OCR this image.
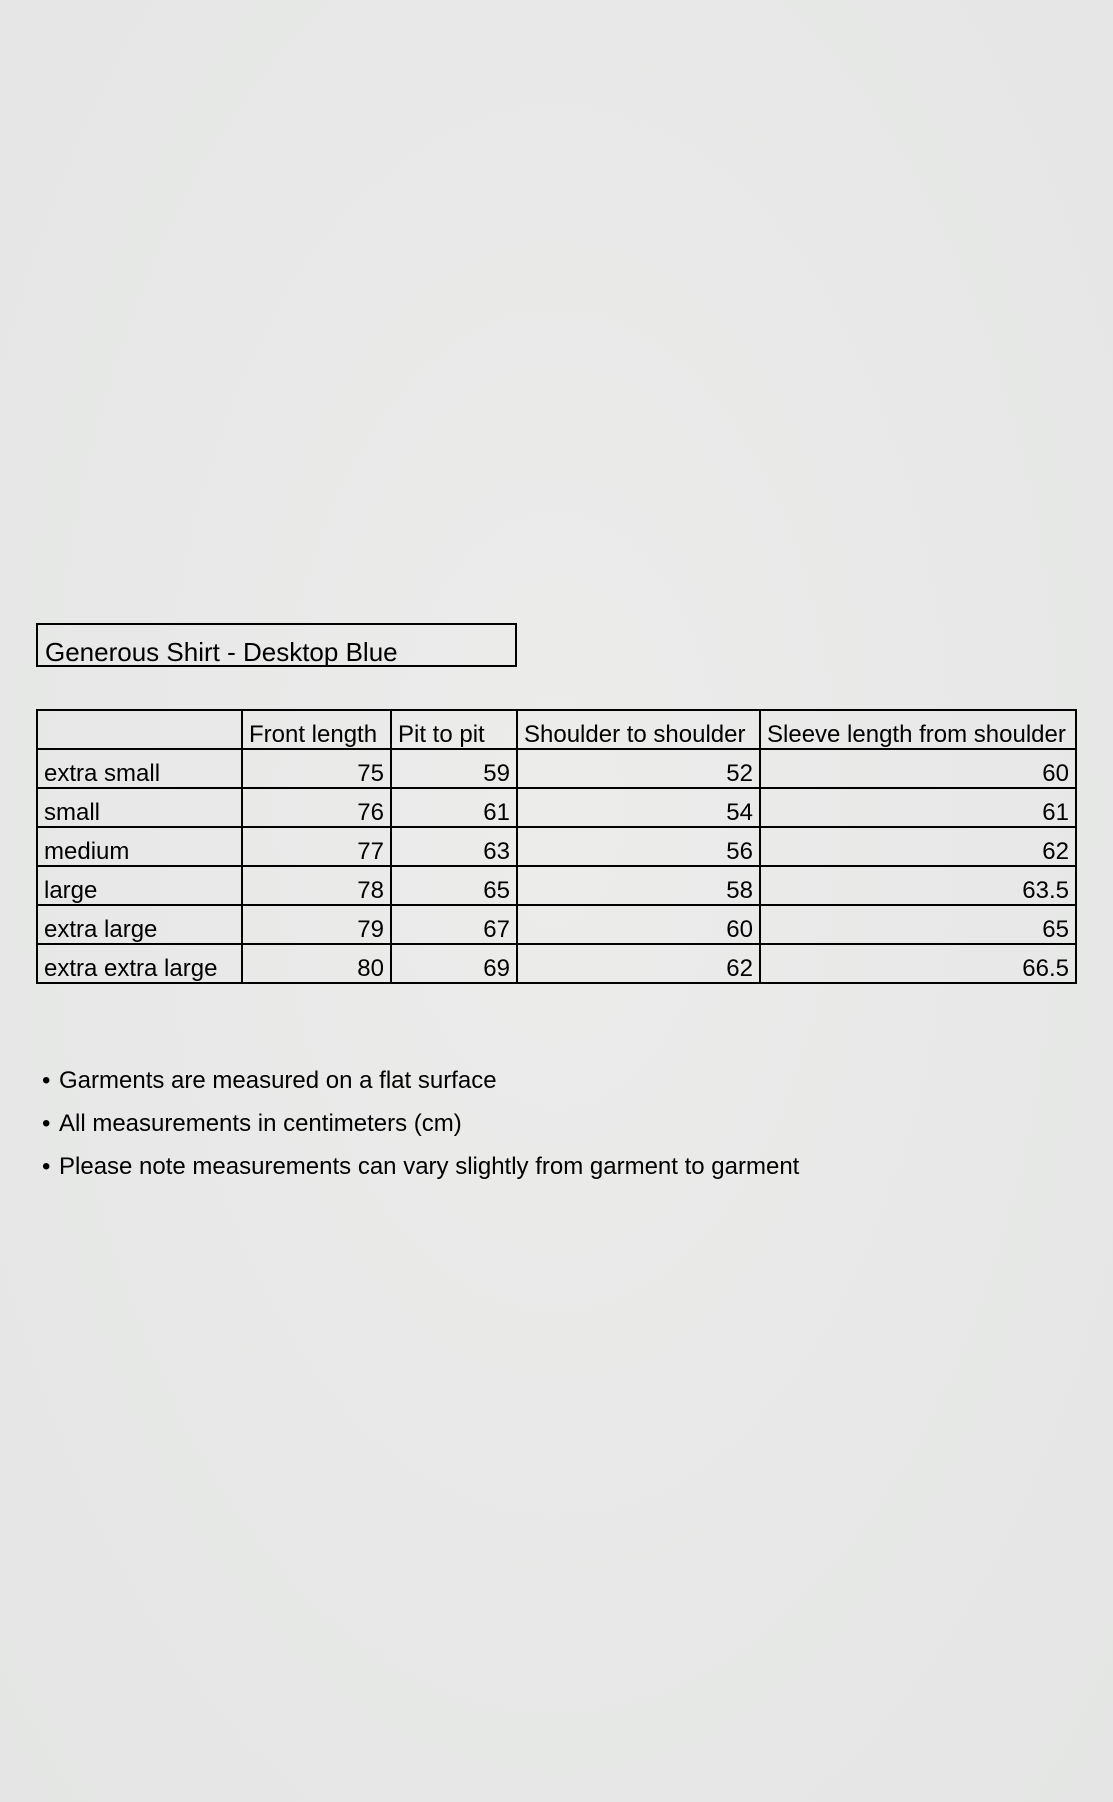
Generous Shirt - Desktop Blue
	Front length	Pit to pit	Shoulder to shoulder	Sleeve length from shoulder
extra small	75	59	52	60
small	76	61	54	61
medium	77	63	56	62
large	78	65	58	63.5
extra large	79	67	60	65
extra extra large	80	69	62	66.5
• Garments are measured on a flat surface
• All measurements in centimeters (cm)
• Please note measurements can vary slightly from garment to garment
